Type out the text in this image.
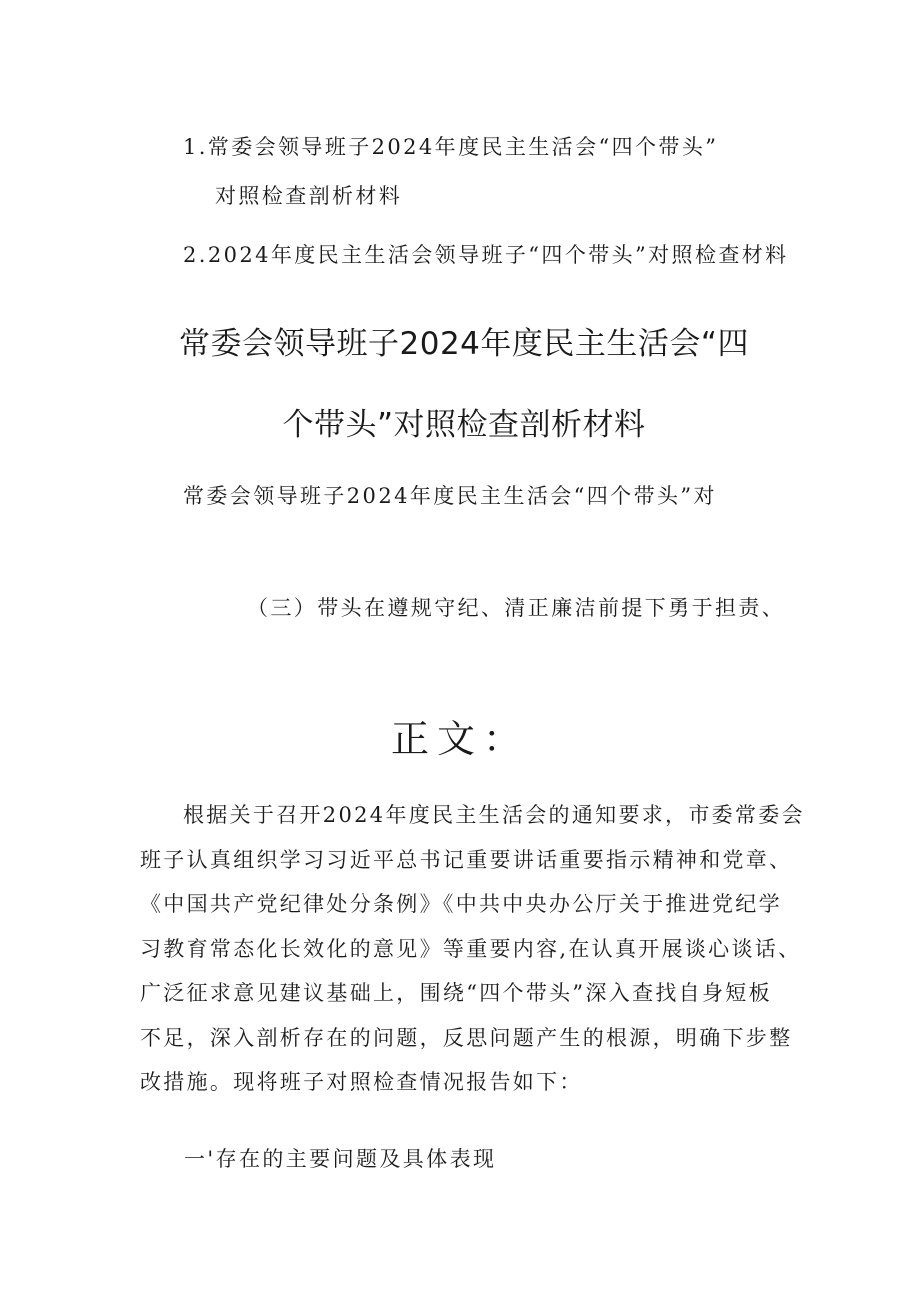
1.常委会领导班子2024年度民主生活会“四个带头”
对照检查剖析材料
2.2024年度民主生活会领导班子“四个带头”对照检查材料
常委会领导班子2024年度民主生活会“四
个带头”对照检查剖析材料
常委会领导班子2024年度民主生活会“四个带头”对
（三）带头在遵规守纪、清正廉洁前提下勇于担责、
正文：
根据关于召开2024年度民主生活会的通知要求，市委常委会
班子认真组织学习习近平总书记重要讲话重要指示精神和党章、
《中国共产党纪律处分条例》《中共中央办公厅关于推进党纪学
习教育常态化长效化的意见》等重要内容,在认真开展谈心谈话、
广泛征求意见建议基础上，围绕“四个带头”深入查找自身短板
不足，深入剖析存在的问题，反思问题产生的根源，明确下步整
改措施。现将班子对照检查情况报告如下：
一'存在的主要问题及具体表现
